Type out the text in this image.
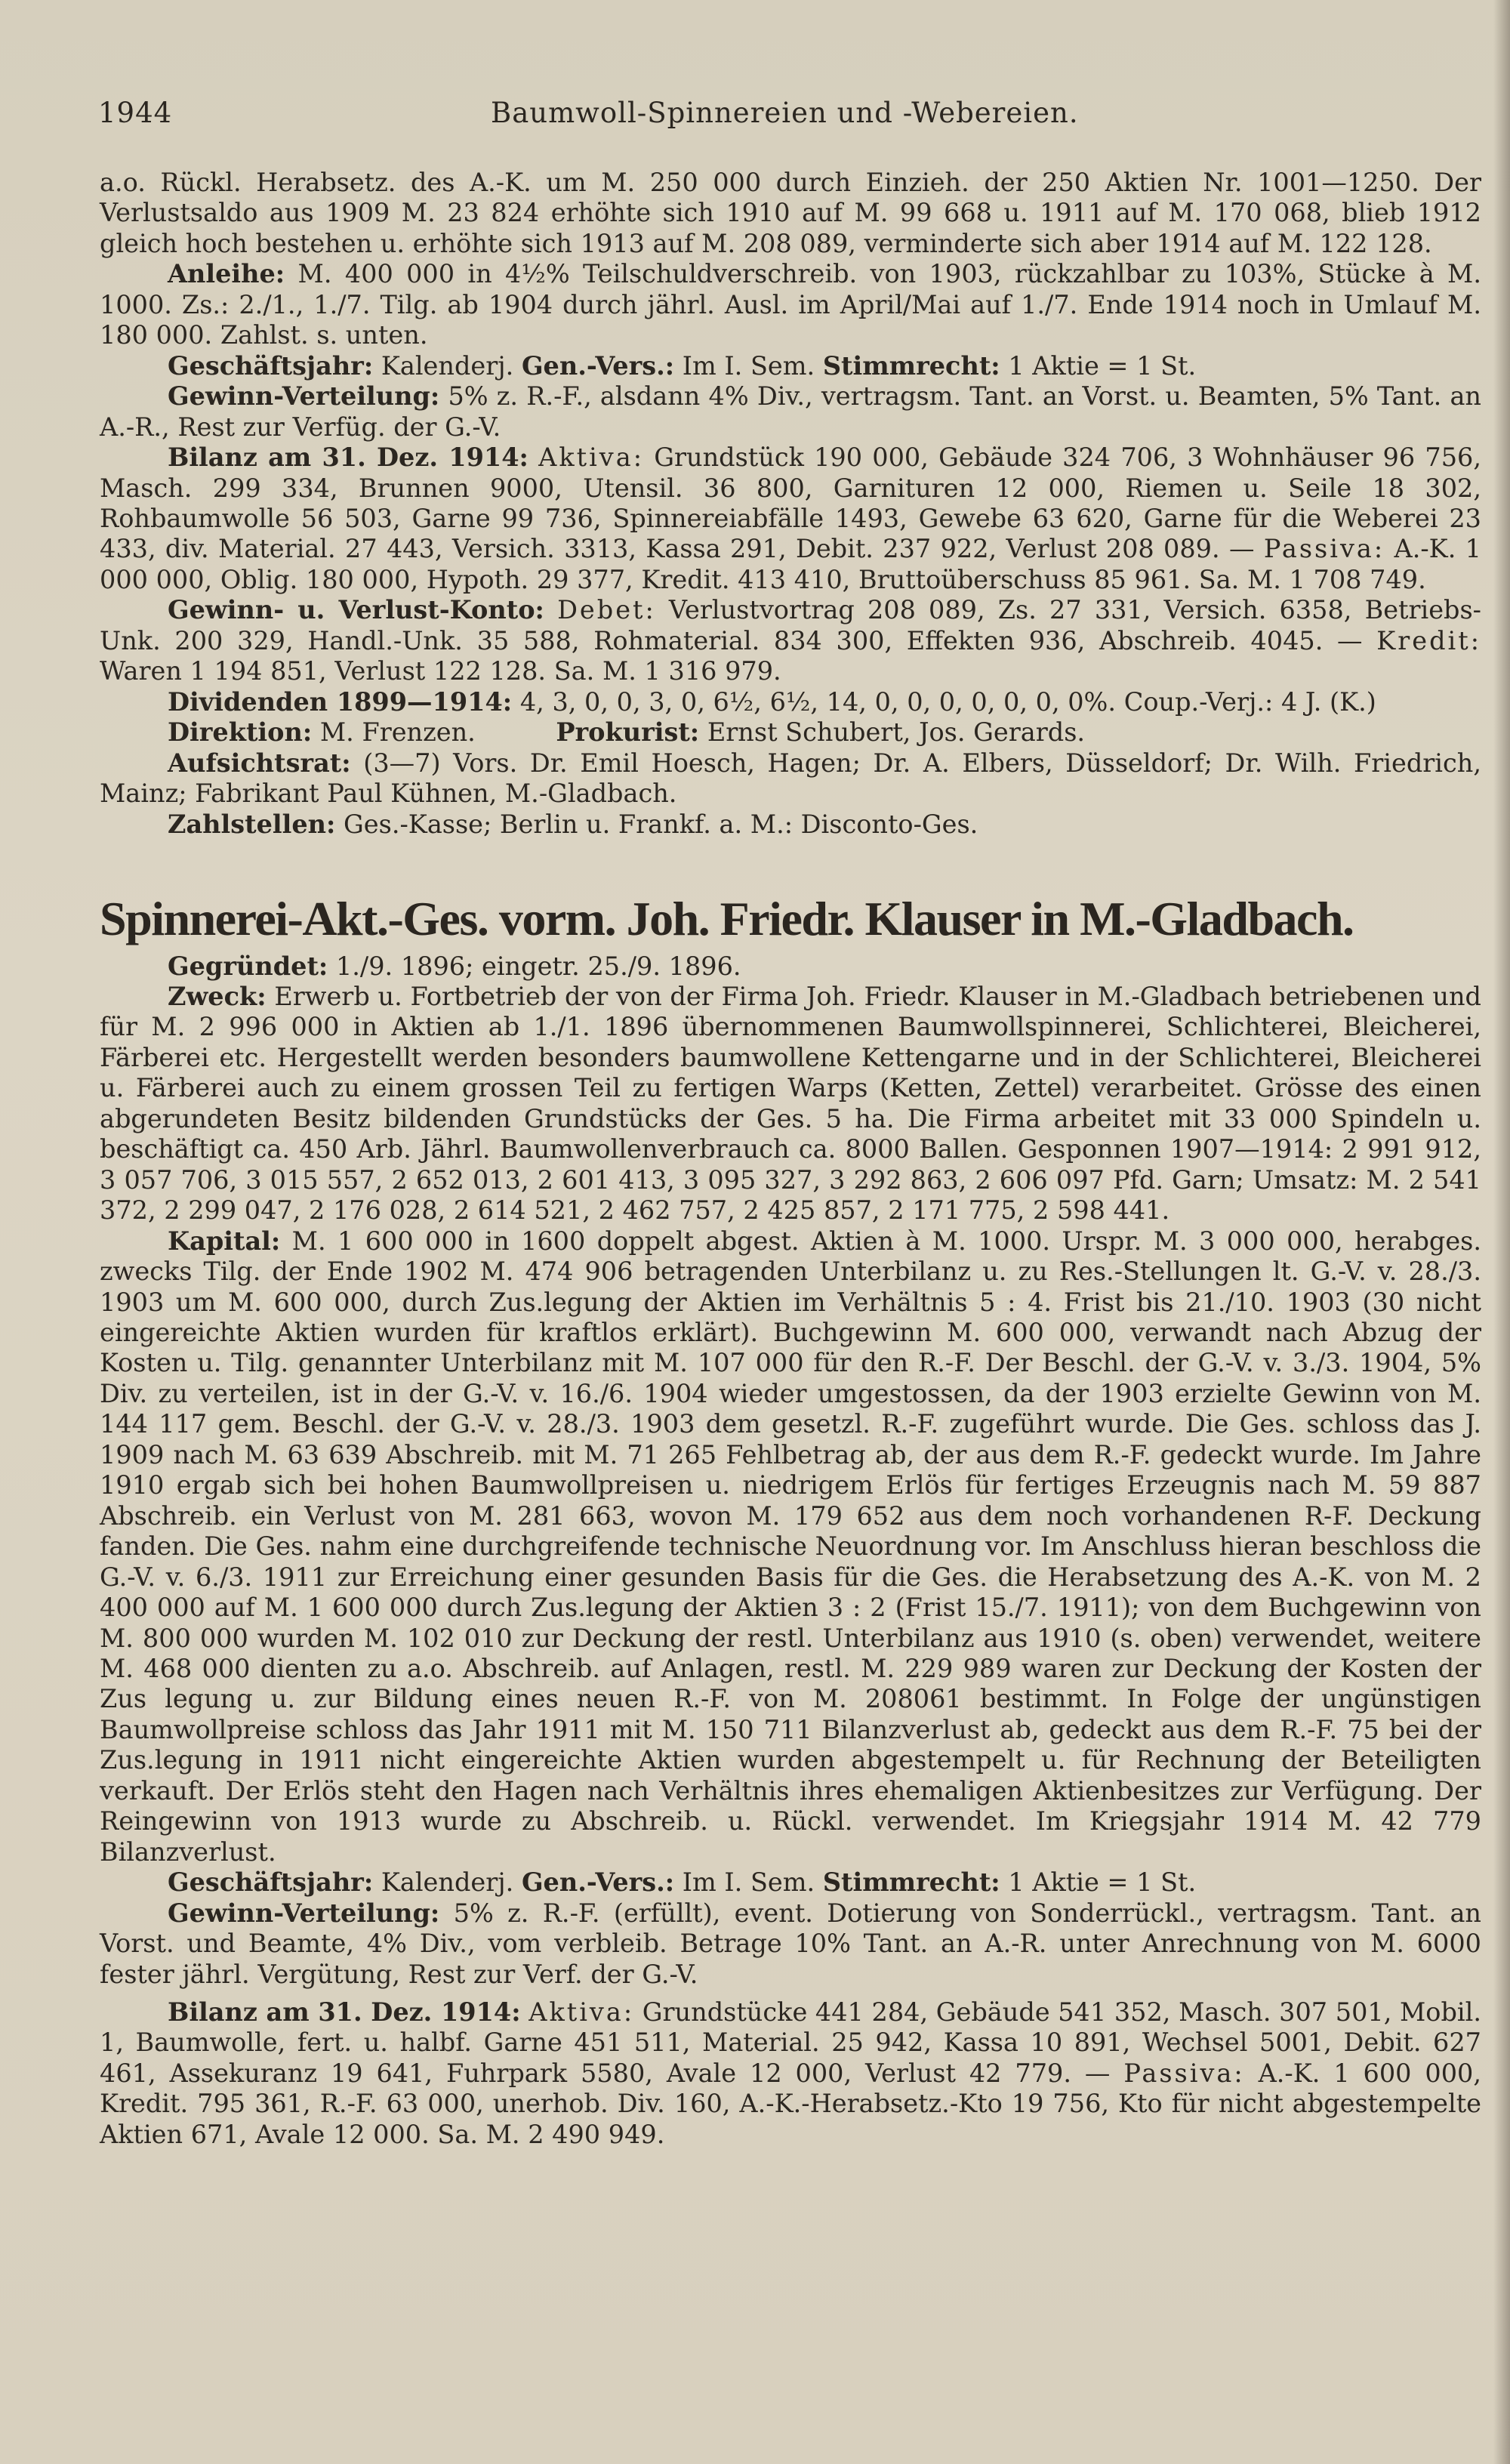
1944	Baumwoll-Spinnereien und -Webereien.

a.o. Rückl. Herabsetz. des A.-K. um M. 250 000 durch Einzieh. der 250 Aktien Nr. 1001—1250. Der Verlustsaldo aus 1909 M. 23 824 erhöhte sich 1910 auf M. 99 668 u. 1911 auf M. 170 068, blieb 1912 gleich hoch bestehen u. erhöhte sich 1913 auf M. 208 089, verminderte sich aber 1914 auf M. 122 128.

Anleihe: M. 400 000 in 4½% Teilschuldverschreib. von 1903, rückzahlbar zu 103%, Stücke à M. 1000. Zs.: 2./1., 1./7. Tilg. ab 1904 durch jährl. Ausl. im April/Mai auf 1./7. Ende 1914 noch in Umlauf M. 180 000. Zahlst. s. unten.

Geschäftsjahr: Kalenderj. Gen.-Vers.: Im I. Sem. Stimmrecht: 1 Aktie = 1 St.

Gewinn-Verteilung: 5% z. R.-F., alsdann 4% Div., vertragsm. Tant. an Vorst. u. Beamten, 5% Tant. an A.-R., Rest zur Verfüg. der G.-V.

Bilanz am 31. Dez. 1914: Aktiva: Grundstück 190 000, Gebäude 324 706, 3 Wohnhäuser 96 756, Masch. 299 334, Brunnen 9000, Utensil. 36 800, Garnituren 12 000, Riemen u. Seile 18 302, Rohbaumwolle 56 503, Garne 99 736, Spinnereiabfälle 1493, Gewebe 63 620, Garne für die Weberei 23 433, div. Material. 27 443, Versich. 3313, Kassa 291, Debit. 237 922, Verlust 208 089. — Passiva: A.-K. 1 000 000, Oblig. 180 000, Hypoth. 29 377, Kredit. 413 410, Bruttoüberschuss 85 961. Sa. M. 1 708 749.

Gewinn- u. Verlust-Konto: Debet: Verlustvortrag 208 089, Zs. 27 331, Versich. 6358, Betriebs-Unk. 200 329, Handl.-Unk. 35 588, Rohmaterial. 834 300, Effekten 936, Abschreib. 4045. — Kredit: Waren 1 194 851, Verlust 122 128. Sa. M. 1 316 979.

Dividenden 1899—1914: 4, 3, 0, 0, 3, 0, 6½, 6½, 14, 0, 0, 0, 0, 0, 0, 0%. Coup.-Verj.: 4 J. (K.)

Direktion: M. Frenzen.	Prokurist: Ernst Schubert, Jos. Gerards.

Aufsichtsrat: (3—7) Vors. Dr. Emil Hoesch, Hagen; Dr. A. Elbers, Düsseldorf; Dr. Wilh. Friedrich, Mainz; Fabrikant Paul Kühnen, M.-Gladbach.

Zahlstellen: Ges.-Kasse; Berlin u. Frankf. a. M.: Disconto-Ges.

Spinnerei-Akt.-Ges. vorm. Joh. Friedr. Klauser in M.-Gladbach.

Gegründet: 1./9. 1896; eingetr. 25./9. 1896.

Zweck: Erwerb u. Fortbetrieb der von der Firma Joh. Friedr. Klauser in M.-Gladbach betriebenen und für M. 2 996 000 in Aktien ab 1./1. 1896 übernommenen Baumwollspinnerei, Schlichterei, Bleicherei, Färberei etc. Hergestellt werden besonders baumwollene Kettengarne und in der Schlichterei, Bleicherei u. Färberei auch zu einem grossen Teil zu fertigen Warps (Ketten, Zettel) verarbeitet. Grösse des einen abgerundeten Besitz bildenden Grundstücks der Ges. 5 ha. Die Firma arbeitet mit 33 000 Spindeln u. beschäftigt ca. 450 Arb. Jährl. Baumwollenverbrauch ca. 8000 Ballen. Gesponnen 1907—1914: 2 991 912, 3 057 706, 3 015 557, 2 652 013, 2 601 413, 3 095 327, 3 292 863, 2 606 097 Pfd. Garn; Umsatz: M. 2 541 372, 2 299 047, 2 176 028, 2 614 521, 2 462 757, 2 425 857, 2 171 775, 2 598 441.

Kapital: M. 1 600 000 in 1600 doppelt abgest. Aktien à M. 1000. Urspr. M. 3 000 000, herabges. zwecks Tilg. der Ende 1902 M. 474 906 betragenden Unterbilanz u. zu Res.-Stellungen lt. G.-V. v. 28./3. 1903 um M. 600 000, durch Zus.legung der Aktien im Verhältnis 5 : 4. Frist bis 21./10. 1903 (30 nicht eingereichte Aktien wurden für kraftlos erklärt). Buchgewinn M. 600 000, verwandt nach Abzug der Kosten u. Tilg. genannter Unterbilanz mit M. 107 000 für den R.-F. Der Beschl. der G.-V. v. 3./3. 1904, 5% Div. zu verteilen, ist in der G.-V. v. 16./6. 1904 wieder umgestossen, da der 1903 erzielte Gewinn von M. 144 117 gem. Beschl. der G.-V. v. 28./3. 1903 dem gesetzl. R.-F. zugeführt wurde. Die Ges. schloss das J. 1909 nach M. 63 639 Abschreib. mit M. 71 265 Fehlbetrag ab, der aus dem R.-F. gedeckt wurde. Im Jahre 1910 ergab sich bei hohen Baumwollpreisen u. niedrigem Erlös für fertiges Erzeugnis nach M. 59 887 Abschreib. ein Verlust von M. 281 663, wovon M. 179 652 aus dem noch vorhandenen R-F. Deckung fanden. Die Ges. nahm eine durchgreifende technische Neuordnung vor. Im Anschluss hieran beschloss die G.-V. v. 6./3. 1911 zur Erreichung einer gesunden Basis für die Ges. die Herabsetzung des A.-K. von M. 2 400 000 auf M. 1 600 000 durch Zus.legung der Aktien 3 : 2 (Frist 15./7. 1911); von dem Buchgewinn von M. 800 000 wurden M. 102 010 zur Deckung der restl. Unterbilanz aus 1910 (s. oben) verwendet, weitere M. 468 000 dienten zu a.o. Abschreib. auf Anlagen, restl. M. 229 989 waren zur Deckung der Kosten der Zus legung u. zur Bildung eines neuen R.-F. von M. 208061 bestimmt. In Folge der ungünstigen Baumwollpreise schloss das Jahr 1911 mit M. 150 711 Bilanzverlust ab, gedeckt aus dem R.-F. 75 bei der Zus.legung in 1911 nicht eingereichte Aktien wurden abgestempelt u. für Rechnung der Beteiligten verkauft. Der Erlös steht den Hagen nach Verhältnis ihres ehemaligen Aktienbesitzes zur Verfügung. Der Reingewinn von 1913 wurde zu Abschreib. u. Rückl. verwendet. Im Kriegsjahr 1914 M. 42 779 Bilanzverlust.

Geschäftsjahr: Kalenderj. Gen.-Vers.: Im I. Sem. Stimmrecht: 1 Aktie = 1 St.

Gewinn-Verteilung: 5% z. R.-F. (erfüllt), event. Dotierung von Sonderrückl., vertragsm. Tant. an Vorst. und Beamte, 4% Div., vom verbleib. Betrage 10% Tant. an A.-R. unter Anrechnung von M. 6000 fester jährl. Vergütung, Rest zur Verf. der G.-V.

Bilanz am 31. Dez. 1914: Aktiva: Grundstücke 441 284, Gebäude 541 352, Masch. 307 501, Mobil. 1, Baumwolle, fert. u. halbf. Garne 451 511, Material. 25 942, Kassa 10 891, Wechsel 5001, Debit. 627 461, Assekuranz 19 641, Fuhrpark 5580, Avale 12 000, Verlust 42 779. — Passiva: A.-K. 1 600 000, Kredit. 795 361, R.-F. 63 000, unerhob. Div. 160, A.-K.-Herabsetz.-Kto 19 756, Kto für nicht abgestempelte Aktien 671, Avale 12 000. Sa. M. 2 490 949.
